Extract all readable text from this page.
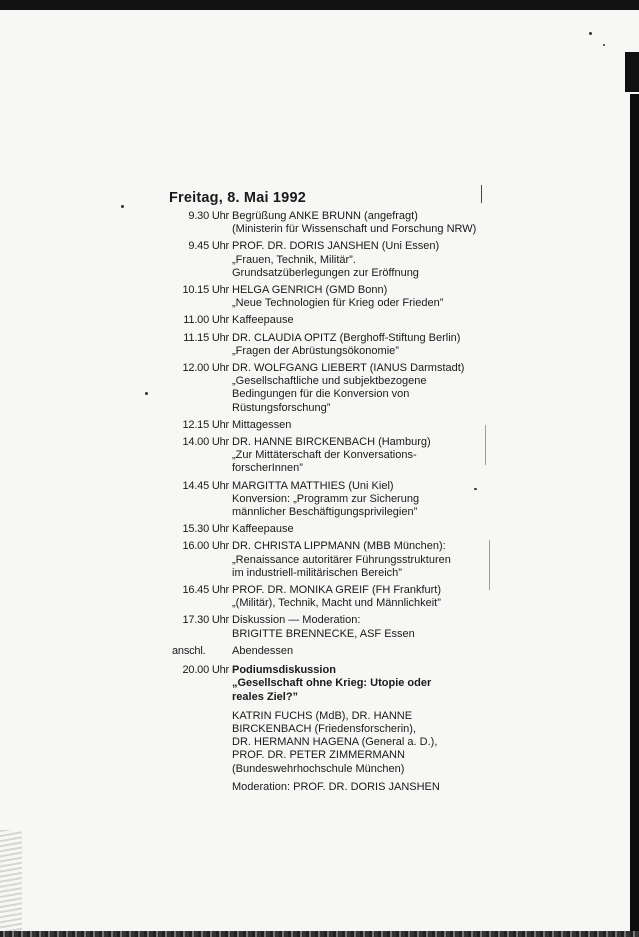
Freitag, 8. Mai 1992
9.30 Uhr Begrüßung ANKE BRUNN (angefragt)
(Ministerin für Wissenschaft und Forschung NRW)
9.45 Uhr PROF. DR. DORIS JANSHEN (Uni Essen)
„Frauen, Technik, Militär”.
Grundsatzüberlegungen zur Eröffnung
10.15 Uhr HELGA GENRICH (GMD Bonn)
„Neue Technologien für Krieg oder Frieden”
11.00 Uhr Kaffeepause
11.15 Uhr DR. CLAUDIA OPITZ (Berghoff-Stiftung Berlin)
„Fragen der Abrüstungsökonomie”
12.00 Uhr DR. WOLFGANG LIEBERT (IANUS Darmstadt)
„Gesellschaftliche und subjektbezogene
Bedingungen für die Konversion von
Rüstungsforschung”
12.15 Uhr Mittagessen
14.00 Uhr DR. HANNE BIRCKENBACH (Hamburg)
„Zur Mittäterschaft der Konversations-
forscherInnen”
14.45 Uhr MARGITTA MATTHIES (Uni Kiel)
Konversion: „Programm zur Sicherung
männlicher Beschäftigungsprivilegien”
15.30 Uhr Kaffeepause
16.00 Uhr DR. CHRISTA LIPPMANN (MBB München):
„Renaissance autoritärer Führungsstrukturen
im industriell-militärischen Bereich”
16.45 Uhr PROF. DR. MONIKA GREIF (FH Frankfurt)
„(Militär), Technik, Macht und Männlichkeit”
17.30 Uhr Diskussion — Moderation:
BRIGITTE BRENNECKE, ASF Essen
anschl.	Abendessen
20.00 Uhr Podiumsdiskussion
„Gesellschaft ohne Krieg: Utopie oder
reales Ziel?”
KATRIN FUCHS (MdB), DR. HANNE
BIRCKENBACH (Friedensforscherin),
DR. HERMANN HAGENA (General a. D.),
PROF. DR. PETER ZIMMERMANN
(Bundeswehrhochschule München)
Moderation: PROF. DR. DORIS JANSHEN
